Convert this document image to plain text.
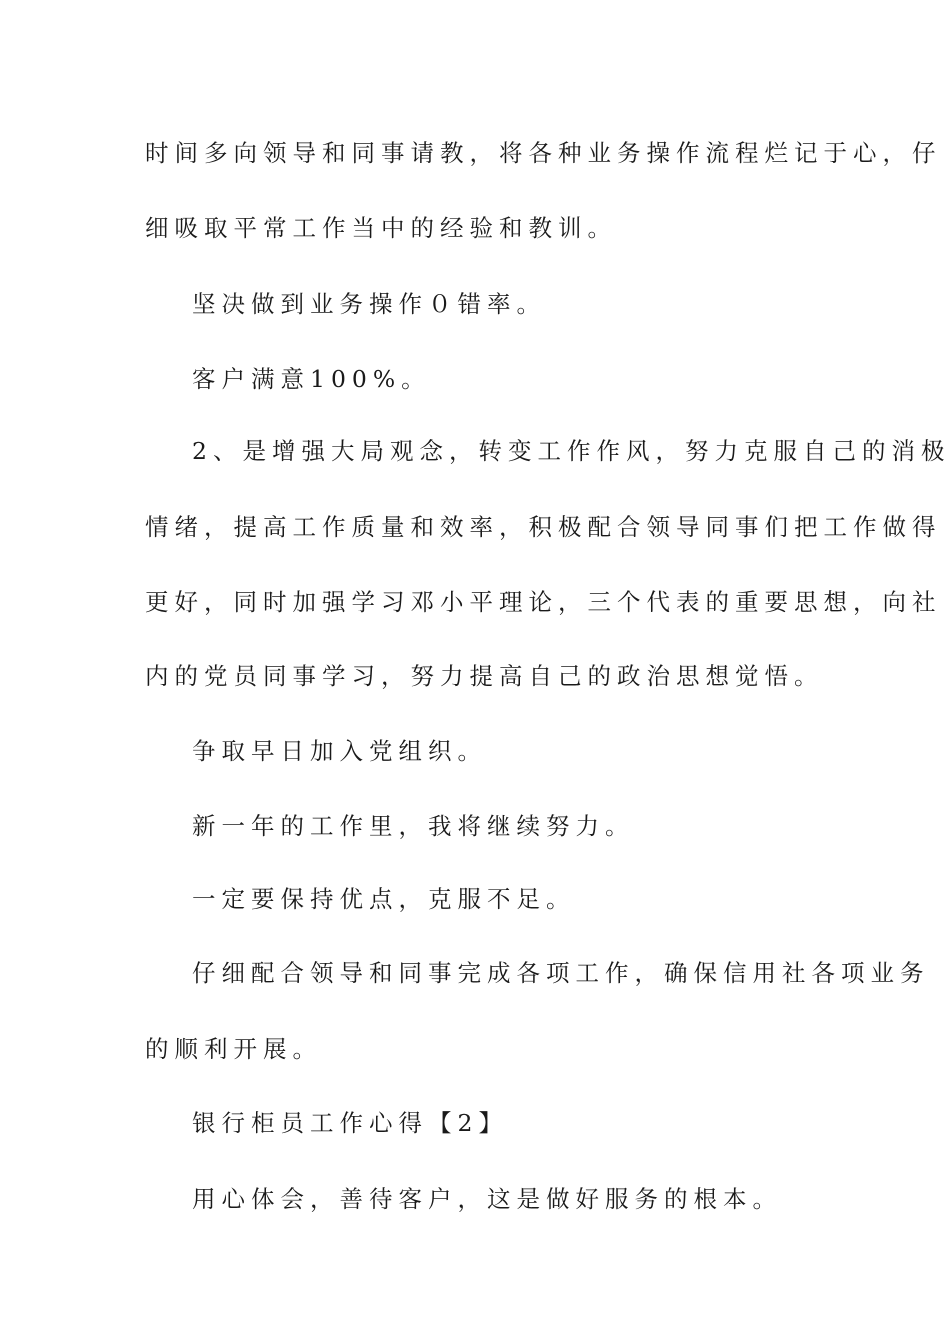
时间多向领导和同事请教，将各种业务操作流程烂记于心，仔
细吸取平常工作当中的经验和教训。
坚决做到业务操作０错率。
客户满意100%。
2、是增强大局观念，转变工作作风，努力克服自己的消极
情绪，提高工作质量和效率，积极配合领导同事们把工作做得
更好，同时加强学习邓小平理论，三个代表的重要思想，向社
内的党员同事学习，努力提高自己的政治思想觉悟。
争取早日加入党组织。
新一年的工作里，我将继续努力。
一定要保持优点，克服不足。
仔细配合领导和同事完成各项工作，确保信用社各项业务
的顺利开展。
银行柜员工作心得【2】
用心体会，善待客户，这是做好服务的根本。
